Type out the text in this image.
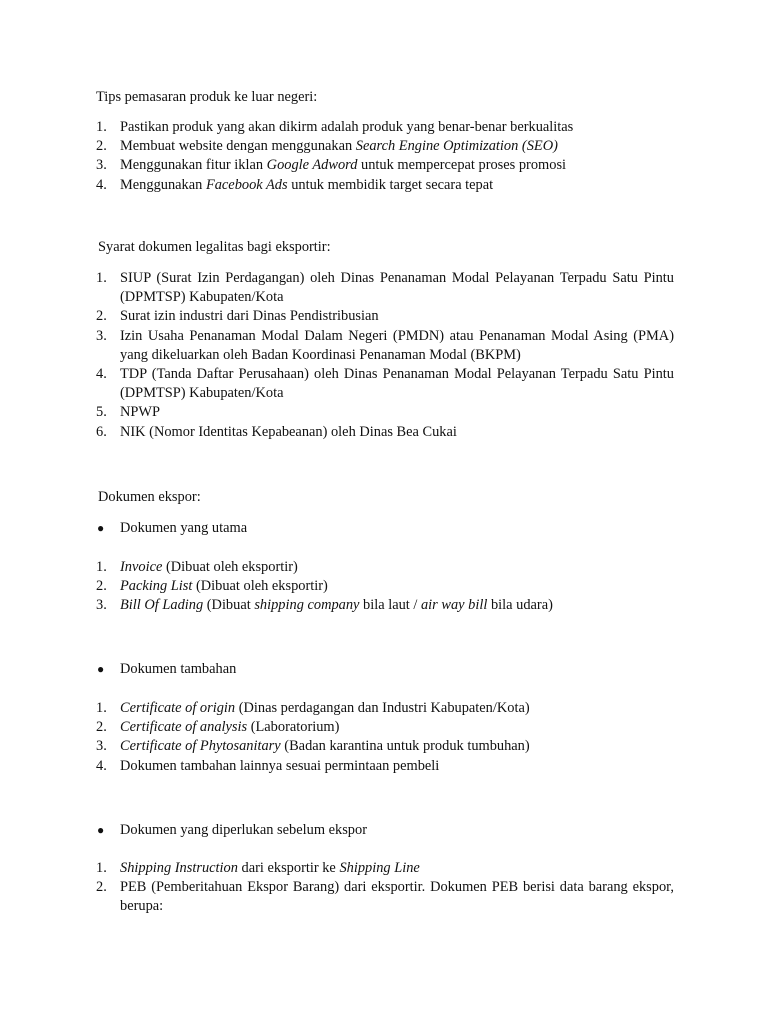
Tips pemasaran produk ke luar negeri:

1. Pastikan produk yang akan dikirm adalah produk yang benar-benar berkualitas
2. Membuat website dengan menggunakan Search Engine Optimization (SEO)
3. Menggunakan fitur iklan Google Adword untuk mempercepat proses promosi
4. Menggunakan Facebook Ads untuk membidik target secara tepat

Syarat dokumen legalitas bagi eksportir:

1. SIUP (Surat Izin Perdagangan) oleh Dinas Penanaman Modal Pelayanan Terpadu Satu Pintu (DPMTSP) Kabupaten/Kota
2. Surat izin industri dari Dinas Pendistribusian
3. Izin Usaha Penanaman Modal Dalam Negeri (PMDN) atau Penanaman Modal Asing (PMA) yang dikeluarkan oleh Badan Koordinasi Penanaman Modal (BKPM)
4. TDP (Tanda Daftar Perusahaan) oleh Dinas Penanaman Modal Pelayanan Terpadu Satu Pintu (DPMTSP) Kabupaten/Kota
5. NPWP
6. NIK (Nomor Identitas Kepabeanan) oleh Dinas Bea Cukai

Dokumen ekspor:

● Dokumen yang utama
1. Invoice (Dibuat oleh eksportir)
2. Packing List (Dibuat oleh eksportir)
3. Bill Of Lading (Dibuat shipping company bila laut / air way bill bila udara)
● Dokumen tambahan
1. Certificate of origin (Dinas perdagangan dan Industri Kabupaten/Kota)
2. Certificate of analysis (Laboratorium)
3. Certificate of Phytosanitary (Badan karantina untuk produk tumbuhan)
4. Dokumen tambahan lainnya sesuai permintaan pembeli
● Dokumen yang diperlukan sebelum ekspor
1. Shipping Instruction dari eksportir ke Shipping Line
2. PEB (Pemberitahuan Ekspor Barang) dari eksportir. Dokumen PEB berisi data barang ekspor, berupa:
